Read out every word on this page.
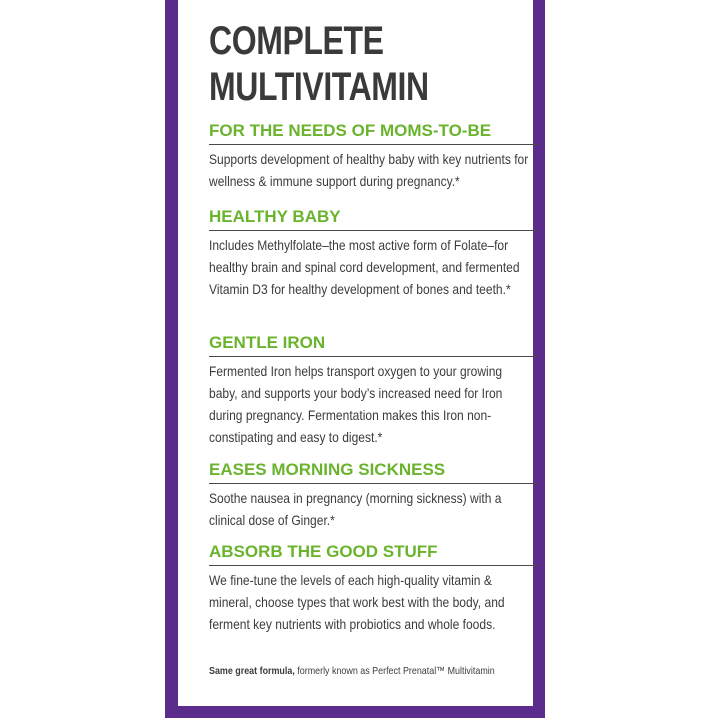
COMPLETE
MULTIVITAMIN
FOR THE NEEDS OF MOMS-TO-BE

Supports development of healthy baby with key nutrients for wellness & immune support during pregnancy.*

HEALTHY BABY

Includes Methylfolate–the most active form of Folate–for healthy brain and spinal cord development, and fermented Vitamin D3 for healthy development of bones and teeth.*

GENTLE IRON

Fermented Iron helps transport oxygen to your growing baby, and supports your body’s increased need for Iron during pregnancy. Fermentation makes this Iron non-constipating and easy to digest.*

EASES MORNING SICKNESS

Soothe nausea in pregnancy (morning sickness) with a clinical dose of Ginger.*

ABSORB THE GOOD STUFF

We fine-tune the levels of each high-quality vitamin & mineral, choose types that work best with the body, and ferment key nutrients with probiotics and whole foods.

Same great formula, formerly known as Perfect Prenatal™ Multivitamin
